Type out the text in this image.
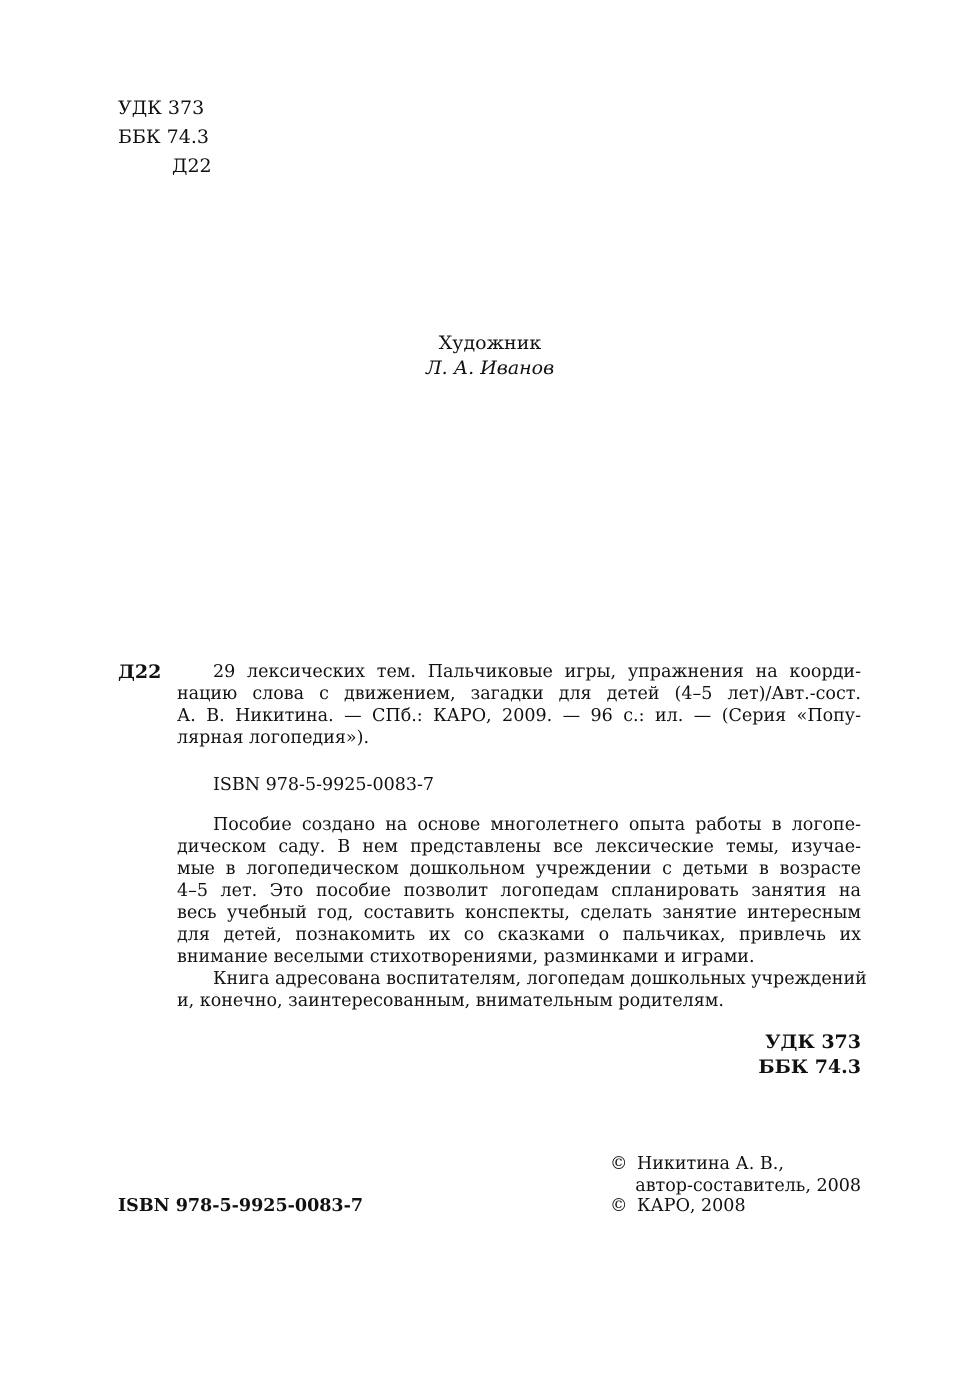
УДК 373
ББК 74.3
Д22
Художник
Л. А. Иванов
Д22	29 лексических тем. Пальчиковые игры, упражнения на коорди-
нацию слова с движением, загадки для детей (4–5 лет)/Авт.-сост.
А. В. Никитина. — СПб.: КАРО, 2009. — 96 с.: ил. — (Серия «Попу-
лярная логопедия»).
ISBN 978-5-9925-0083-7
Пособие создано на основе многолетнего опыта работы в логопе-
дическом саду. В нем представлены все лексические темы, изучае-
мые в логопедическом дошкольном учреждении с детьми в возрасте
4–5 лет. Это пособие позволит логопедам спланировать занятия на
весь учебный год, составить конспекты, сделать занятие интересным
для детей, познакомить их со сказками о пальчиках, привлечь их
внимание веселыми стихотворениями, разминками и играми.
Книга адресована воспитателям, логопедам дошкольных учреждений
и, конечно, заинтересованным, внимательным родителям.
УДК 373
ББК 74.3
© Никитина А. В.,
автор-составитель, 2008
ISBN 978-5-9925-0083-7	© КАРО, 2008
